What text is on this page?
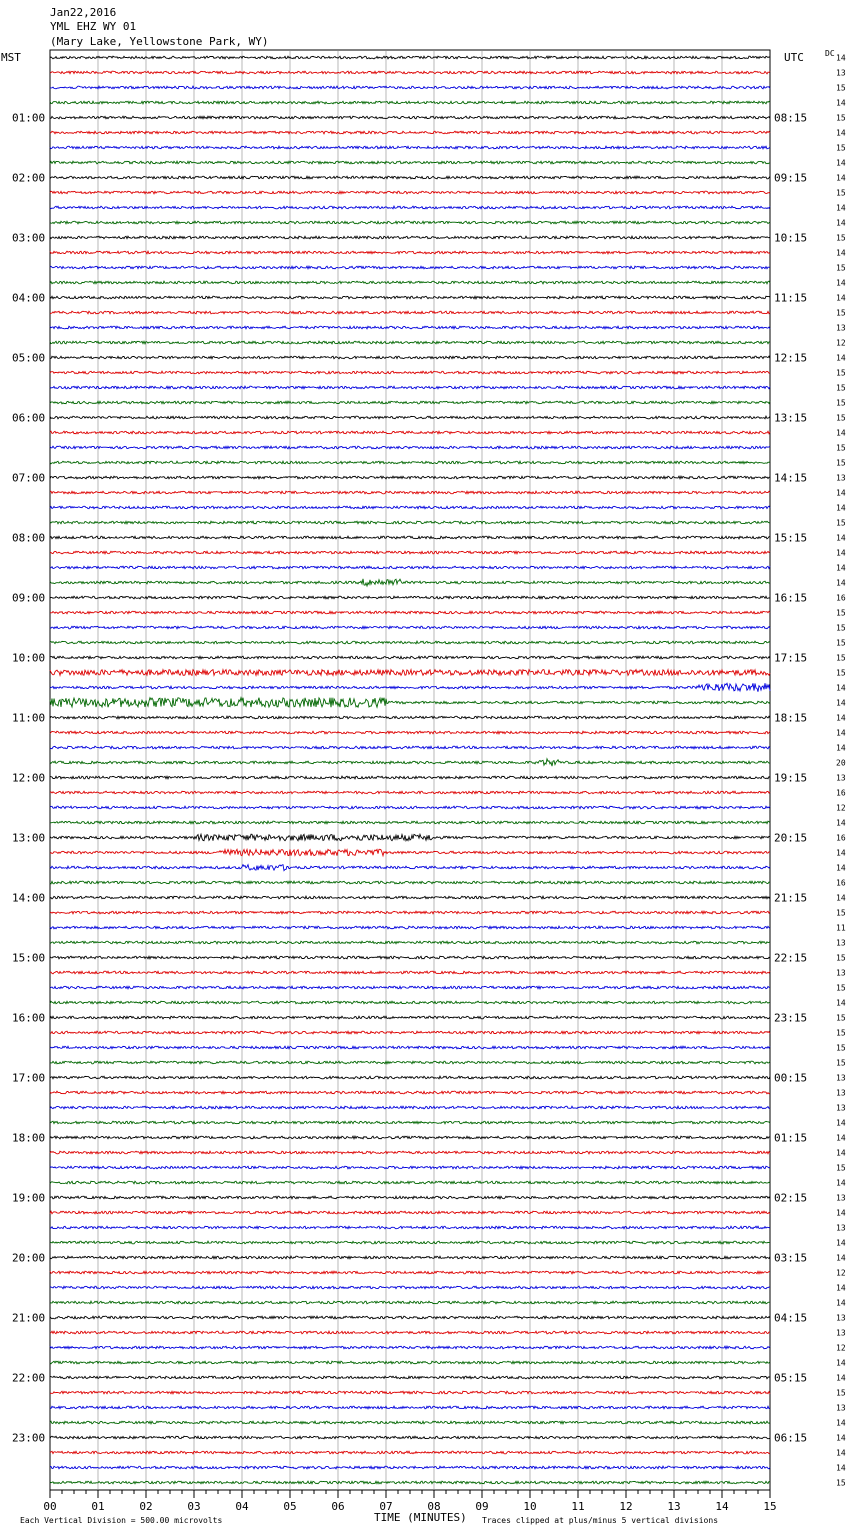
Jan22,2016
YML EHZ WY 01
(Mary Lake, Yellowstone Park, WY)
MST	UTC	DC
01:00
02:00
03:00
04:00
05:00
06:00
07:00
08:00
09:00
10:00
11:00
12:00
13:00
14:00
15:00
16:00
17:00
18:00
19:00
20:00
21:00
22:00
23:00
08:15
09:15
10:15
11:15
12:15
13:15
14:15
15:15
16:15
17:15
18:15
19:15
20:15
21:15
22:15
23:15
00:15
01:15
02:15
03:15
04:15
05:15
06:15
14
13
15
14
15
14
15
14
14
15
14
14
15
14
15
14
14
15
13
12
14
15
15
15
15
14
15
15
13
14
14
15
14
14
14
14
16
15
15
15
15
15
14
14
14
14
14
20
13
16
12
14
16
14
14
16
14
15
11
13
15
13
15
14
15
15
15
15
13
13
13
14
14
14
15
14
13
14
13
14
14
12
14
14
13
13
12
14
14
15
13
14
14
14
14
15
00	01	02	03	04	05	06	07	08	09	10	11	12	13	14	15
TIME (MINUTES)
Each Vertical Division = 500.00 microvolts	Traces clipped at plus/minus 5 vertical divisions
